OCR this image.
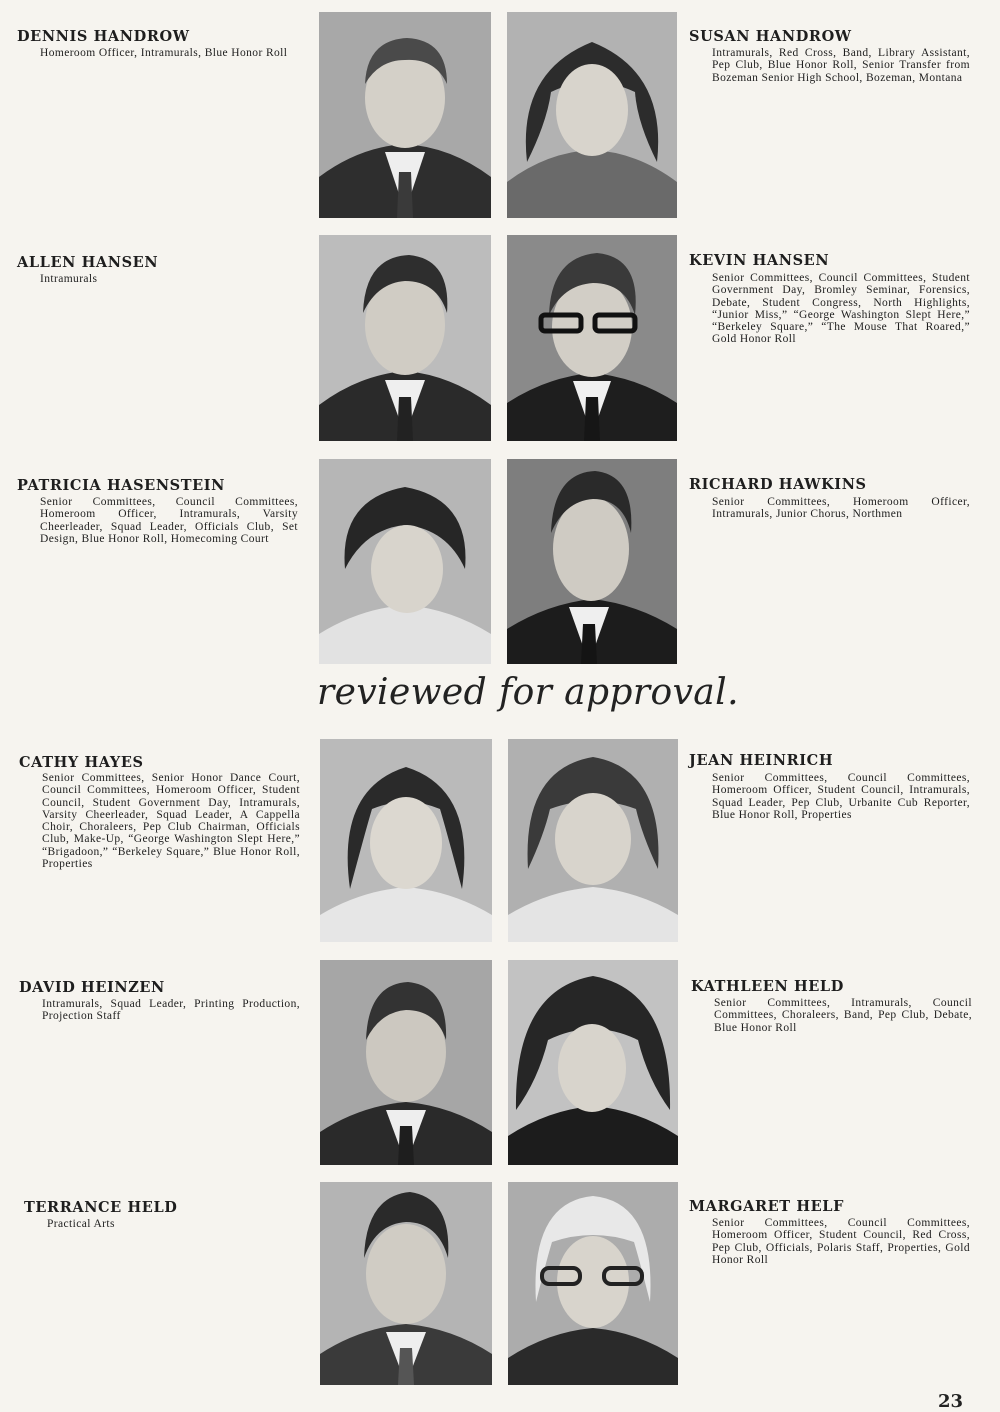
DENNIS HANDROW
Homeroom Officer, Intramurals, Blue Honor Roll
SUSAN HANDROW
Intramurals, Red Cross, Band, Library Assistant, Pep Club, Blue Honor Roll, Senior Transfer from Bozeman Senior High School, Bozeman, Montana
ALLEN HANSEN
Intramurals
KEVIN HANSEN
Senior Committees, Council Committees, Student Government Day, Bromley Seminar, Forensics, Debate, Student Congress, North Highlights, “Junior Miss,” “George Washington Slept Here,” “Berkeley Square,” “The Mouse That Roared,” Gold Honor Roll
PATRICIA HASENSTEIN
Senior Committees, Council Committees, Homeroom Officer, Intramurals, Varsity Cheerleader, Squad Leader, Officials Club, Set Design, Blue Honor Roll, Homecoming Court
RICHARD HAWKINS
Senior Committees, Homeroom Officer, Intramurals, Junior Chorus, Northmen
reviewed for approval.
CATHY HAYES
Senior Committees, Senior Honor Dance Court, Council Committees, Homeroom Officer, Student Council, Student Government Day, Intramurals, Varsity Cheerleader, Squad Leader, A Cappella Choir, Choraleers, Pep Club Chairman, Officials Club, Make-Up, “George Washington Slept Here,” “Brigadoon,” “Berkeley Square,” Blue Honor Roll, Properties
JEAN HEINRICH
Senior Committees, Council Committees, Homeroom Officer, Student Council, Intramurals, Squad Leader, Pep Club, Urbanite Cub Reporter, Blue Honor Roll, Properties
DAVID HEINZEN
Intramurals, Squad Leader, Printing Production, Projection Staff
KATHLEEN HELD
Senior Committees, Intramurals, Council Committees, Choraleers, Band, Pep Club, Debate, Blue Honor Roll
TERRANCE HELD
Practical Arts
MARGARET HELF
Senior Committees, Council Committees, Homeroom Officer, Student Council, Red Cross, Pep Club, Officials, Polaris Staff, Properties, Gold Honor Roll
23
